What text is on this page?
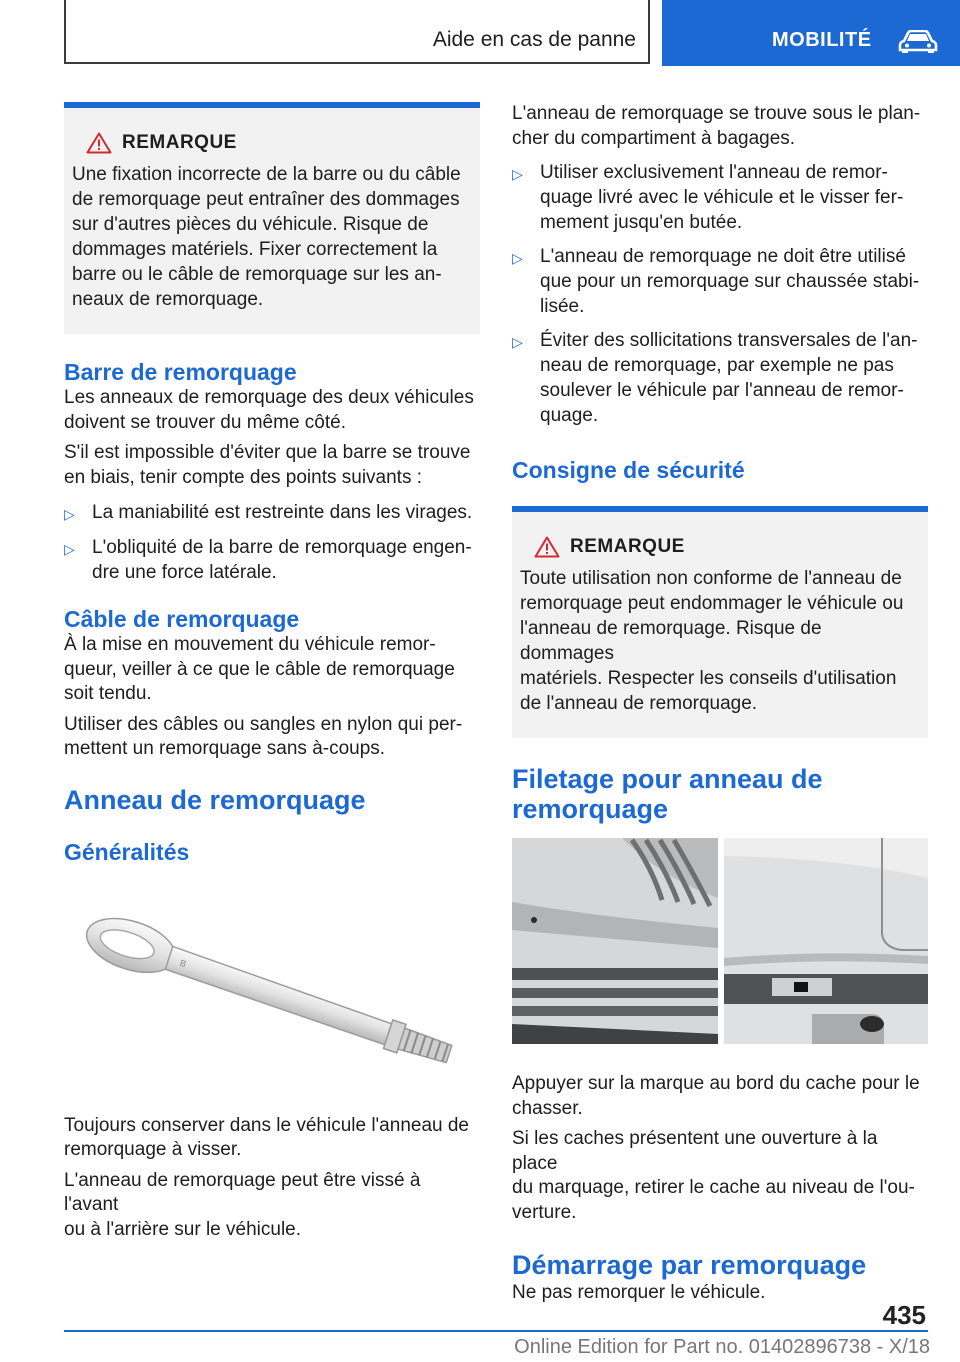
Aide en cas de panne	MOBILITÉ
REMARQUE
Une fixation incorrecte de la barre ou du câble
de remorquage peut entraîner des dommages
sur d'autres pièces du véhicule. Risque de
dommages matériels. Fixer correctement la
barre ou le câble de remorquage sur les an-
neaux de remorquage.
Barre de remorquage

Les anneaux de remorquage des deux véhicules
doivent se trouver du même côté.

S'il est impossible d'éviter que la barre se trouve
en biais, tenir compte des points suivants :

▷ La maniabilité est restreinte dans les virages.
▷ L'obliquité de la barre de remorquage engen-
dre une force latérale.
Câble de remorquage

À la mise en mouvement du véhicule remor-
queur, veiller à ce que le câble de remorquage
soit tendu.

Utiliser des câbles ou sangles en nylon qui per-
mettent un remorquage sans à-coups.

Anneau de remorquage
Généralités
B

Toujours conserver dans le véhicule l'anneau de
remorquage à visser.

L'anneau de remorquage peut être vissé à l'avant
ou à l'arrière sur le véhicule.

L'anneau de remorquage se trouve sous le plan-
cher du compartiment à bagages.

▷ Utiliser exclusivement l'anneau de remor-
quage livré avec le véhicule et le visser fer-
mement jusqu'en butée.
▷ L'anneau de remorquage ne doit être utilisé
que pour un remorquage sur chaussée stabi-
lisée.
▷ Éviter des sollicitations transversales de l'an-
neau de remorquage, par exemple ne pas
soulever le véhicule par l'anneau de remor-
quage.
Consigne de sécurité
REMARQUE
Toute utilisation non conforme de l'anneau de
remorquage peut endommager le véhicule ou
l'anneau de remorquage. Risque de dommages
matériels. Respecter les conseils d'utilisation
de l'anneau de remorquage.
Filetage pour anneau de
remorquage

Appuyer sur la marque au bord du cache pour le
chasser.

Si les caches présentent une ouverture à la place
du marquage, retirer le cache au niveau de l'ou-
verture.

Démarrage par remorquage

Ne pas remorquer le véhicule.

435
Online Edition for Part no. 01402896738 - X/18
